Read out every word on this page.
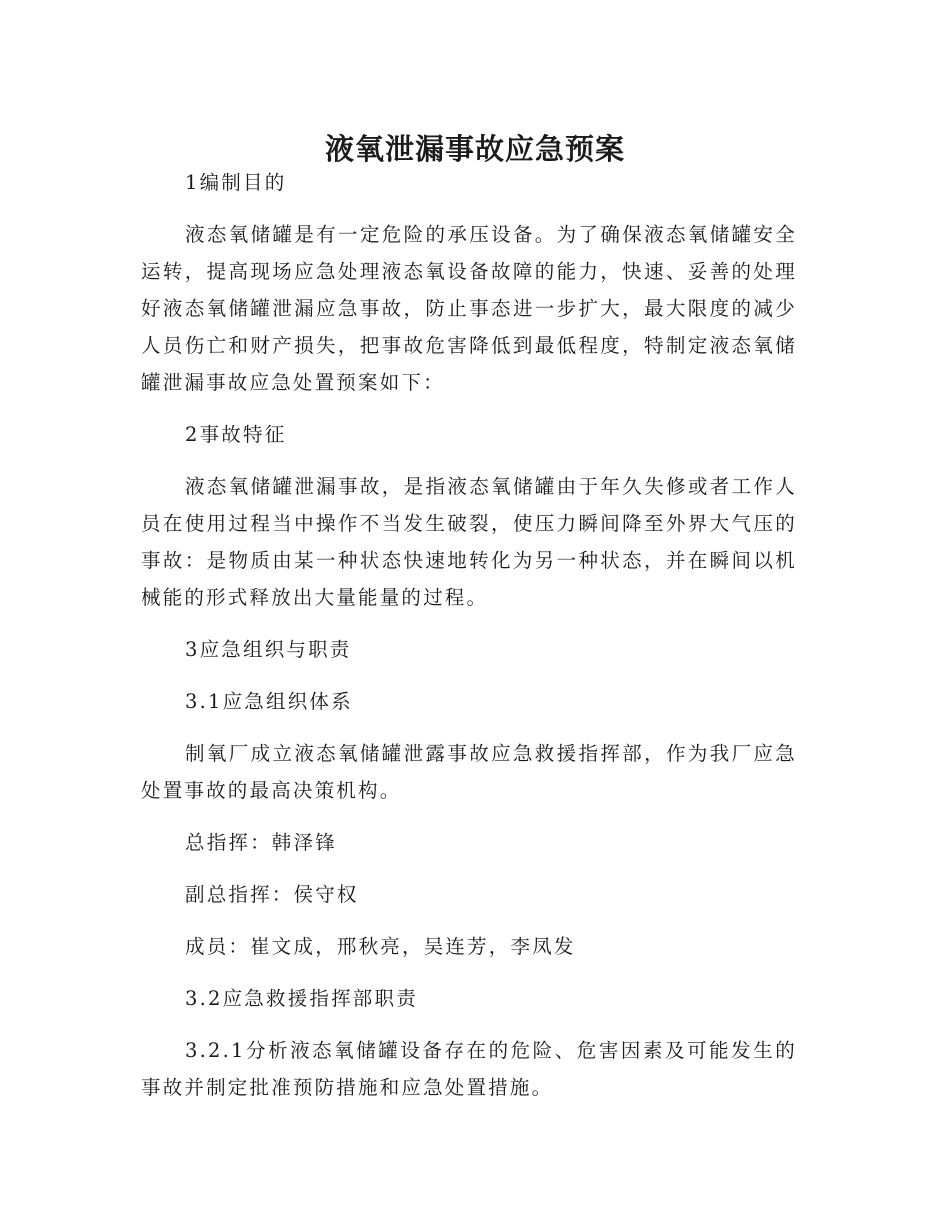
液氧泄漏事故应急预案

1编制目的

液态氧储罐是有一定危险的承压设备。为了确保液态氧储罐安全运转，提高现场应急处理液态氧设备故障的能力，快速、妥善的处理好液态氧储罐泄漏应急事故，防止事态进一步扩大，最大限度的减少人员伤亡和财产损失，把事故危害降低到最低程度，特制定液态氧储罐泄漏事故应急处置预案如下：

2事故特征

液态氧储罐泄漏事故，是指液态氧储罐由于年久失修或者工作人员在使用过程当中操作不当发生破裂，使压力瞬间降至外界大气压的事故：是物质由某一种状态快速地转化为另一种状态，并在瞬间以机械能的形式释放出大量能量的过程。

3应急组织与职责

3.1应急组织体系

制氧厂成立液态氧储罐泄露事故应急救援指挥部，作为我厂应急处置事故的最高决策机构。

总指挥：韩泽锋

副总指挥：侯守权

成员：崔文成，邢秋亮，吴连芳，李凤发

3.2应急救援指挥部职责

3.2.1分析液态氧储罐设备存在的危险、危害因素及可能发生的事故并制定批准预防措施和应急处置措施。
